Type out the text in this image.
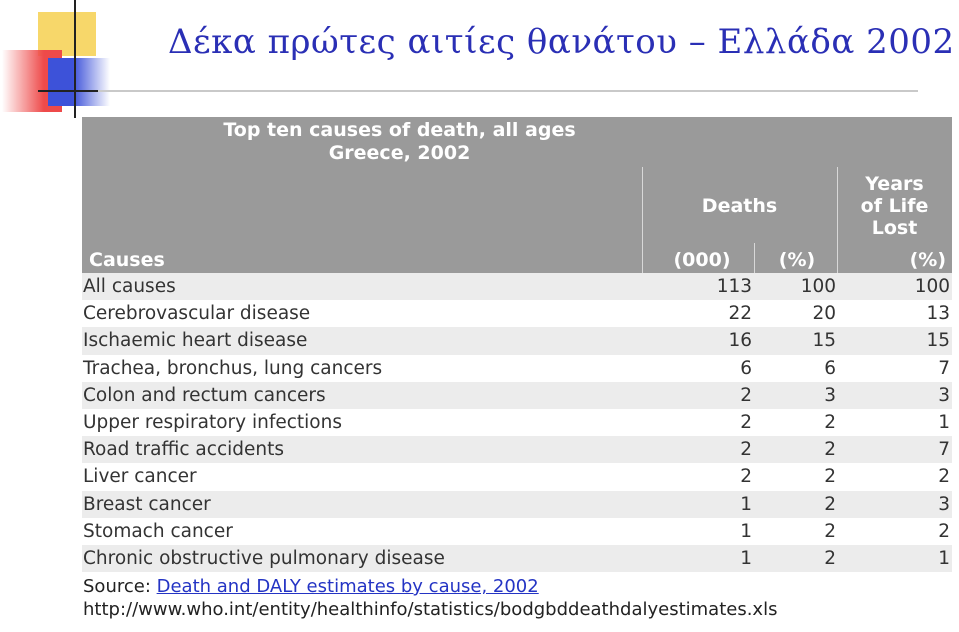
Δέκα πρώτες αιτίες θανάτου – Ελλάδα 2002
Top ten causes of death, all ages
Greece, 2002
Deaths
Years
of Life
Lost
Causes	(000)	(%)	(%)
All causes	113	100	100
Cerebrovascular disease	22	20	13
Ischaemic heart disease	16	15	15
Trachea, bronchus, lung cancers	6	6	7
Colon and rectum cancers	2	3	3
Upper respiratory infections	2	2	1
Road traffic accidents	2	2	7
Liver cancer	2	2	2
Breast cancer	1	2	3
Stomach cancer	1	2	2
Chronic obstructive pulmonary disease	1	2	1
Source: Death and DALY estimates by cause, 2002
http://www.who.int/entity/healthinfo/statistics/bodgbddeathdalyestimates.xls
